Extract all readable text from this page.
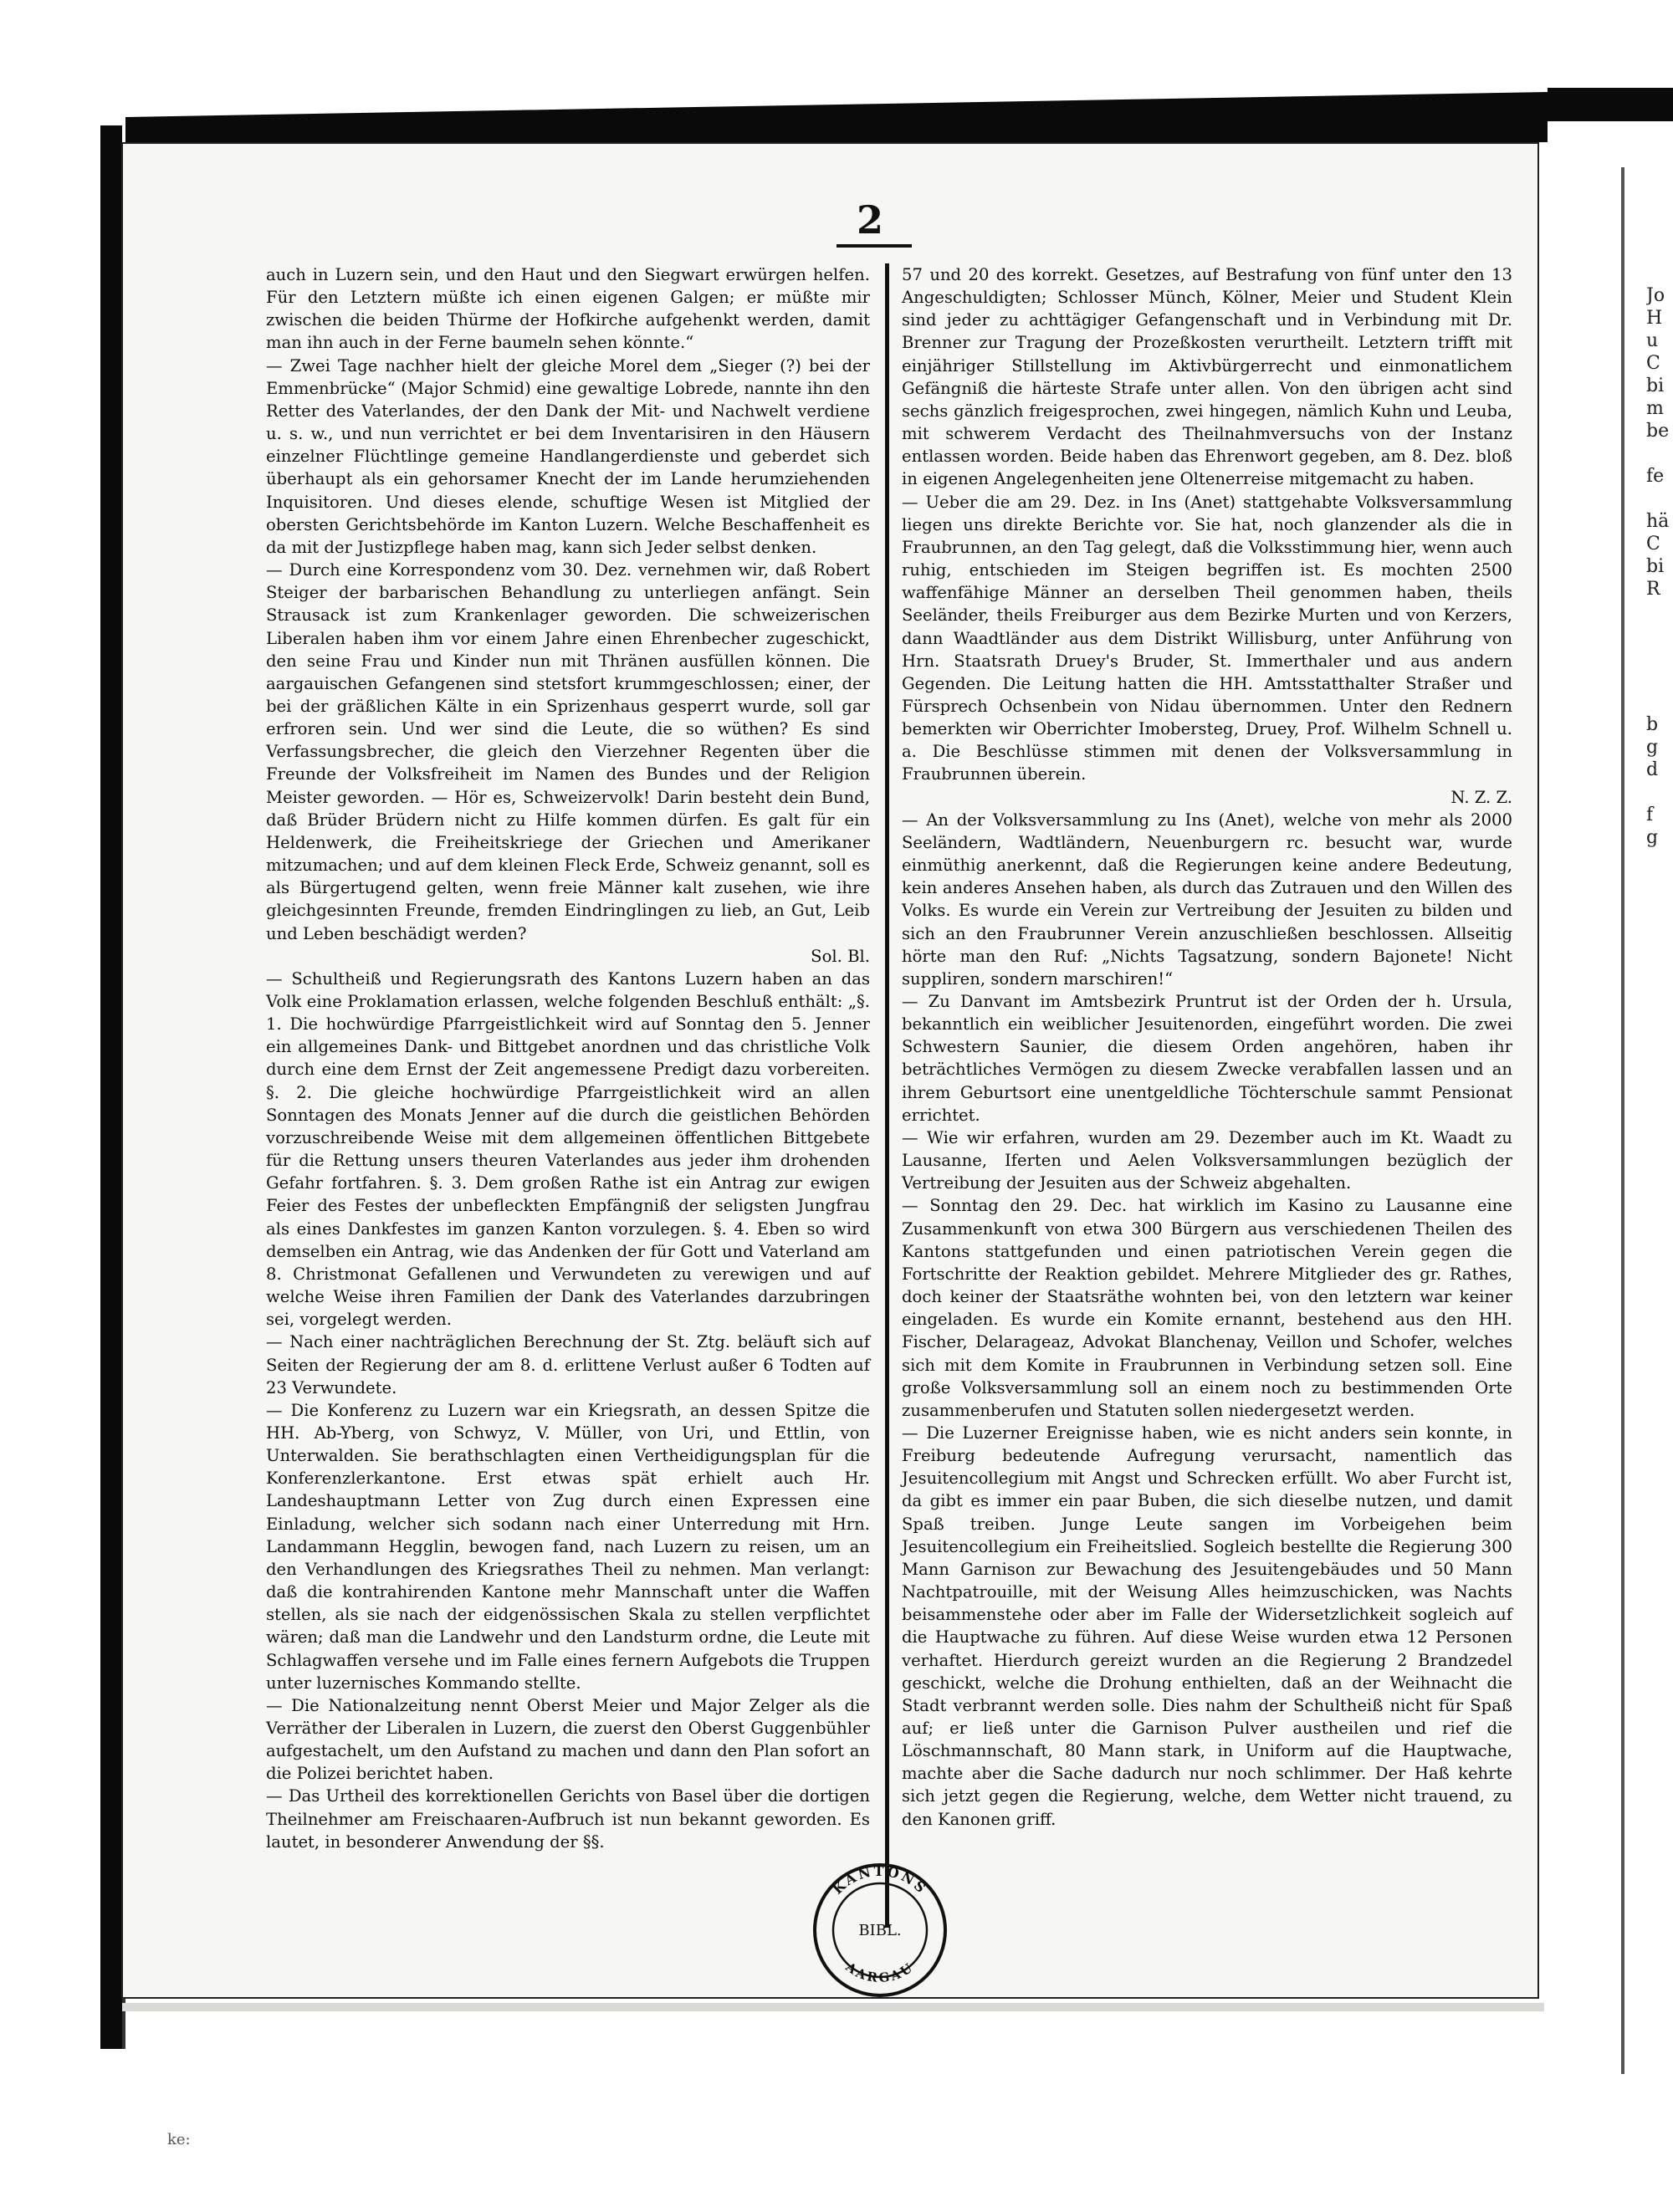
2

auch in Luzern sein, und den Haut und den Siegwart erwürgen helfen. Für den Letztern müßte ich einen eigenen Galgen; er müßte mir zwischen die beiden Thürme der Hofkirche aufgehenkt werden, damit man ihn auch in der Ferne baumeln sehen könnte.“

— Zwei Tage nachher hielt der gleiche Morel dem „Sieger (?) bei der Emmenbrücke“ (Major Schmid) eine gewaltige Lobrede, nannte ihn den Retter des Vaterlandes, der den Dank der Mit- und Nachwelt verdiene u. s. w., und nun verrichtet er bei dem Inventarisiren in den Häusern einzelner Flüchtlinge gemeine Handlangerdienste und geberdet sich überhaupt als ein gehorsamer Knecht der im Lande herumziehenden Inquisitoren. Und dieses elende, schuftige Wesen ist Mitglied der obersten Gerichtsbehörde im Kanton Luzern. Welche Beschaffenheit es da mit der Justizpflege haben mag, kann sich Jeder selbst denken.

— Durch eine Korrespondenz vom 30. Dez. vernehmen wir, daß Robert Steiger der barbarischen Behandlung zu unterliegen anfängt. Sein Strausack ist zum Krankenlager geworden. Die schweizerischen Liberalen haben ihm vor einem Jahre einen Ehrenbecher zugeschickt, den seine Frau und Kinder nun mit Thränen ausfüllen können. Die aargauischen Gefangenen sind stetsfort krummgeschlossen; einer, der bei der gräßlichen Kälte in ein Sprizenhaus gesperrt wurde, soll gar erfroren sein. Und wer sind die Leute, die so wüthen? Es sind Verfassungsbrecher, die gleich den Vierzehner Regenten über die Freunde der Volksfreiheit im Namen des Bundes und der Religion Meister geworden. — Hör es, Schweizervolk! Darin besteht dein Bund, daß Brüder Brüdern nicht zu Hilfe kommen dürfen. Es galt für ein Heldenwerk, die Freiheitskriege der Griechen und Amerikaner mitzumachen; und auf dem kleinen Fleck Erde, Schweiz genannt, soll es als Bürgertugend gelten, wenn freie Männer kalt zusehen, wie ihre gleichgesinnten Freunde, fremden Eindringlingen zu lieb, an Gut, Leib und Leben beschädigt werden?

Sol. Bl.

— Schultheiß und Regierungsrath des Kantons Luzern haben an das Volk eine Proklamation erlassen, welche folgenden Beschluß enthält: „§. 1. Die hochwürdige Pfarrgeistlichkeit wird auf Sonntag den 5. Jenner ein allgemeines Dank- und Bittgebet anordnen und das christliche Volk durch eine dem Ernst der Zeit angemessene Predigt dazu vorbereiten. §. 2. Die gleiche hochwürdige Pfarrgeistlichkeit wird an allen Sonntagen des Monats Jenner auf die durch die geistlichen Behörden vorzuschreibende Weise mit dem allgemeinen öffentlichen Bittgebete für die Rettung unsers theuren Vaterlandes aus jeder ihm drohenden Gefahr fortfahren. §. 3. Dem großen Rathe ist ein Antrag zur ewigen Feier des Festes der unbefleckten Empfängniß der seligsten Jungfrau als eines Dankfestes im ganzen Kanton vorzulegen. §. 4. Eben so wird demselben ein Antrag, wie das Andenken der für Gott und Vaterland am 8. Christmonat Gefallenen und Verwundeten zu verewigen und auf welche Weise ihren Familien der Dank des Vaterlandes darzubringen sei, vorgelegt werden.

— Nach einer nachträglichen Berechnung der St. Ztg. beläuft sich auf Seiten der Regierung der am 8. d. erlittene Verlust außer 6 Todten auf 23 Verwundete.

— Die Konferenz zu Luzern war ein Kriegsrath, an dessen Spitze die HH. Ab-Yberg, von Schwyz, V. Müller, von Uri, und Ettlin, von Unterwalden. Sie berathschlagten einen Vertheidigungsplan für die Konferenzlerkantone. Erst etwas spät erhielt auch Hr. Landeshauptmann Letter von Zug durch einen Expressen eine Einladung, welcher sich sodann nach einer Unterredung mit Hrn. Landammann Hegglin, bewogen fand, nach Luzern zu reisen, um an den Verhandlungen des Kriegsrathes Theil zu nehmen. Man verlangt: daß die kontrahirenden Kantone mehr Mannschaft unter die Waffen stellen, als sie nach der eidgenössischen Skala zu stellen verpflichtet wären; daß man die Landwehr und den Landsturm ordne, die Leute mit Schlagwaffen versehe und im Falle eines fernern Aufgebots die Truppen unter luzernisches Kommando stellte.

— Die Nationalzeitung nennt Oberst Meier und Major Zelger als die Verräther der Liberalen in Luzern, die zuerst den Oberst Guggenbühler aufgestachelt, um den Aufstand zu machen und dann den Plan sofort an die Polizei berichtet haben.

— Das Urtheil des korrektionellen Gerichts von Basel über die dortigen Theilnehmer am Freischaaren-Aufbruch ist nun bekannt geworden. Es lautet, in besonderer Anwendung der §§.

57 und 20 des korrekt. Gesetzes, auf Bestrafung von fünf unter den 13 Angeschuldigten; Schlosser Münch, Kölner, Meier und Student Klein sind jeder zu achttägiger Gefangenschaft und in Verbindung mit Dr. Brenner zur Tragung der Prozeßkosten verurtheilt. Letztern trifft mit einjähriger Stillstellung im Aktivbürgerrecht und einmonatlichem Gefängniß die härteste Strafe unter allen. Von den übrigen acht sind sechs gänzlich freigesprochen, zwei hingegen, nämlich Kuhn und Leuba, mit schwerem Verdacht des Theilnahmversuchs von der Instanz entlassen worden. Beide haben das Ehrenwort gegeben, am 8. Dez. bloß in eigenen Angelegenheiten jene Oltenerreise mitgemacht zu haben.

— Ueber die am 29. Dez. in Ins (Anet) stattgehabte Volksversammlung liegen uns direkte Berichte vor. Sie hat, noch glanzender als die in Fraubrunnen, an den Tag gelegt, daß die Volksstimmung hier, wenn auch ruhig, entschieden im Steigen begriffen ist. Es mochten 2500 waffenfähige Männer an derselben Theil genommen haben, theils Seeländer, theils Freiburger aus dem Bezirke Murten und von Kerzers, dann Waadtländer aus dem Distrikt Willisburg, unter Anführung von Hrn. Staatsrath Druey's Bruder, St. Immerthaler und aus andern Gegenden. Die Leitung hatten die HH. Amtsstatthalter Straßer und Fürsprech Ochsenbein von Nidau übernommen. Unter den Rednern bemerkten wir Oberrichter Imobersteg, Druey, Prof. Wilhelm Schnell u. a. Die Beschlüsse stimmen mit denen der Volksversammlung in Fraubrunnen überein.

N. Z. Z.

— An der Volksversammlung zu Ins (Anet), welche von mehr als 2000 Seeländern, Wadtländern, Neuenburgern rc. besucht war, wurde einmüthig anerkennt, daß die Regierungen keine andere Bedeutung, kein anderes Ansehen haben, als durch das Zutrauen und den Willen des Volks. Es wurde ein Verein zur Vertreibung der Jesuiten zu bilden und sich an den Fraubrunner Verein anzuschließen beschlossen. Allseitig hörte man den Ruf: „Nichts Tagsatzung, sondern Bajonete! Nicht suppliren, sondern marschiren!“

— Zu Danvant im Amtsbezirk Pruntrut ist der Orden der h. Ursula, bekanntlich ein weiblicher Jesuitenorden, eingeführt worden. Die zwei Schwestern Saunier, die diesem Orden angehören, haben ihr beträchtliches Vermögen zu diesem Zwecke verabfallen lassen und an ihrem Geburtsort eine unentgeldliche Töchterschule sammt Pensionat errichtet.

— Wie wir erfahren, wurden am 29. Dezember auch im Kt. Waadt zu Lausanne, Iferten und Aelen Volksversammlungen bezüglich der Vertreibung der Jesuiten aus der Schweiz abgehalten.

— Sonntag den 29. Dec. hat wirklich im Kasino zu Lausanne eine Zusammenkunft von etwa 300 Bürgern aus verschiedenen Theilen des Kantons stattgefunden und einen patriotischen Verein gegen die Fortschritte der Reaktion gebildet. Mehrere Mitglieder des gr. Rathes, doch keiner der Staatsräthe wohnten bei, von den letztern war keiner eingeladen. Es wurde ein Komite ernannt, bestehend aus den HH. Fischer, Delarageaz, Advokat Blanchenay, Veillon und Schofer, welches sich mit dem Komite in Fraubrunnen in Verbindung setzen soll. Eine große Volksversammlung soll an einem noch zu bestimmenden Orte zusammenberufen und Statuten sollen niedergesetzt werden.

— Die Luzerner Ereignisse haben, wie es nicht anders sein konnte, in Freiburg bedeutende Aufregung verursacht, namentlich das Jesuitencollegium mit Angst und Schrecken erfüllt. Wo aber Furcht ist, da gibt es immer ein paar Buben, die sich dieselbe nutzen, und damit Spaß treiben. Junge Leute sangen im Vorbeigehen beim Jesuitencollegium ein Freiheitslied. Sogleich bestellte die Regierung 300 Mann Garnison zur Bewachung des Jesuitengebäudes und 50 Mann Nachtpatrouille, mit der Weisung Alles heimzuschicken, was Nachts beisammenstehe oder aber im Falle der Widersetzlichkeit sogleich auf die Hauptwache zu führen. Auf diese Weise wurden etwa 12 Personen verhaftet. Hierdurch gereizt wurden an die Regierung 2 Brandzedel geschickt, welche die Drohung enthielten, daß an der Weihnacht die Stadt verbrannt werden solle. Dies nahm der Schultheiß nicht für Spaß auf; er ließ unter die Garnison Pulver austheilen und rief die Löschmannschaft, 80 Mann stark, in Uniform auf die Hauptwache, machte aber die Sache dadurch nur noch schlimmer. Der Haß kehrte sich jetzt gegen die Regierung, welche, dem Wetter nicht trauend, zu den Kanonen griff.

Jo
H
u
C
bi
m
be

fe

hä
C
bi
R

b
g
d

f
g
KANTONS
AARGAU
BIBL.
ke:
